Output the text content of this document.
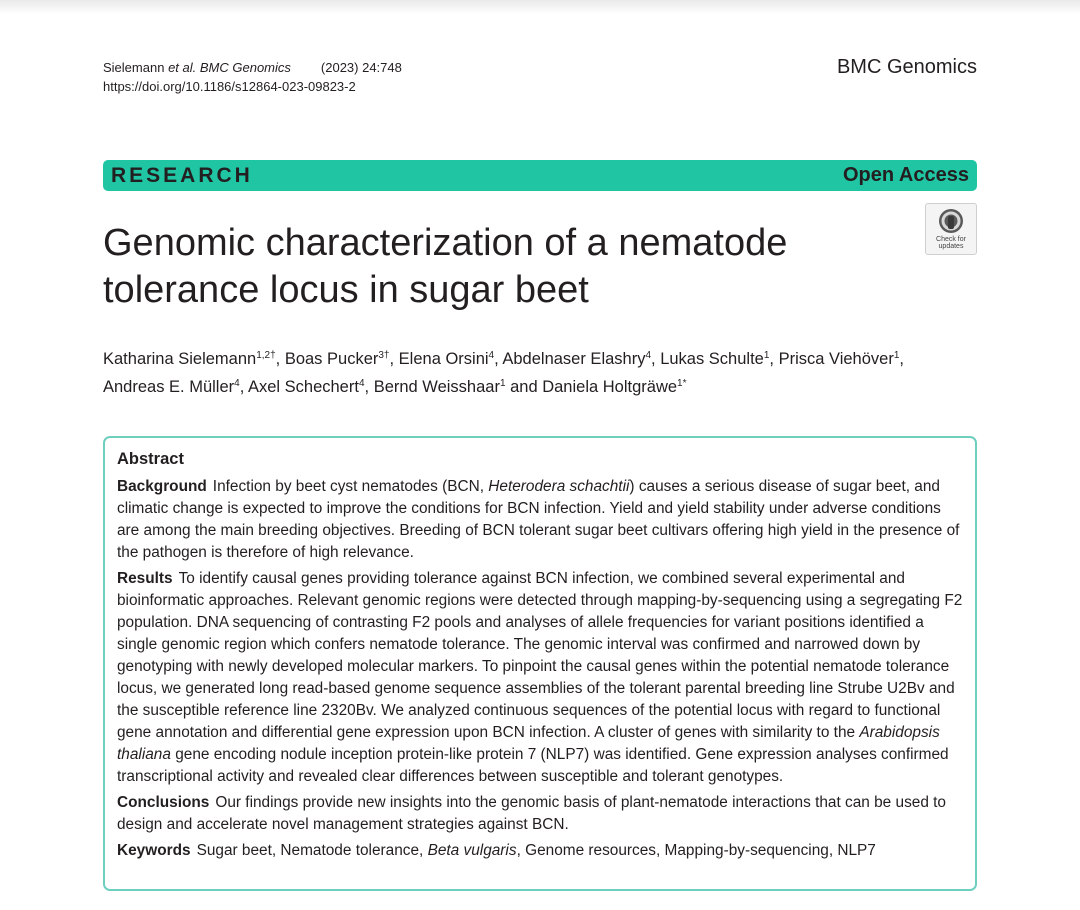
Sielemann et al. BMC Genomics (2023) 24:748
https://doi.org/10.1186/s12864-023-09823-2
BMC Genomics
RESEARCH	Open Access
Check for
updates
Genomic characterization of a nematode
tolerance locus in sugar beet
Katharina Sielemann$^{1,2\dagger}$, Boas Pucker$^{3\dagger}$, Elena Orsini$^4$, Abdelnaser Elashry$^4$, Lukas Schulte$^1$, Prisca Viehöver$^1$,
Andreas E. Müller$^4$, Axel Schechert$^4$, Bernd Weisshaar$^1$ and Daniela Holtgräwe$^{1*}$
Abstract

Background Infection by beet cyst nematodes (BCN, Heterodera schachtii) causes a serious disease of sugar beet, and climatic change is expected to improve the conditions for BCN infection. Yield and yield stability under adverse conditions are among the main breeding objectives. Breeding of BCN tolerant sugar beet cultivars offering high yield in the presence of the pathogen is therefore of high relevance.

Results To identify causal genes providing tolerance against BCN infection, we combined several experimental and bioinformatic approaches. Relevant genomic regions were detected through mapping-by-sequencing using a segregating F2 population. DNA sequencing of contrasting F2 pools and analyses of allele frequencies for variant positions identified a single genomic region which confers nematode tolerance. The genomic interval was confirmed and narrowed down by genotyping with newly developed molecular markers. To pinpoint the causal genes within the potential nematode tolerance locus, we generated long read-based genome sequence assemblies of the tolerant parental breeding line Strube U2Bv and the susceptible reference line 2320Bv. We analyzed continuous sequences of the potential locus with regard to functional gene annotation and differential gene expression upon BCN infection. A cluster of genes with similarity to the Arabidopsis thaliana gene encoding nodule inception protein-like protein 7 (NLP7) was identified. Gene expression analyses confirmed transcriptional activity and revealed clear differences between susceptible and tolerant genotypes.

Conclusions Our findings provide new insights into the genomic basis of plant-nematode interactions that can be used to design and accelerate novel management strategies against BCN.

Keywords Sugar beet, Nematode tolerance, Beta vulgaris, Genome resources, Mapping-by-sequencing, NLP7
